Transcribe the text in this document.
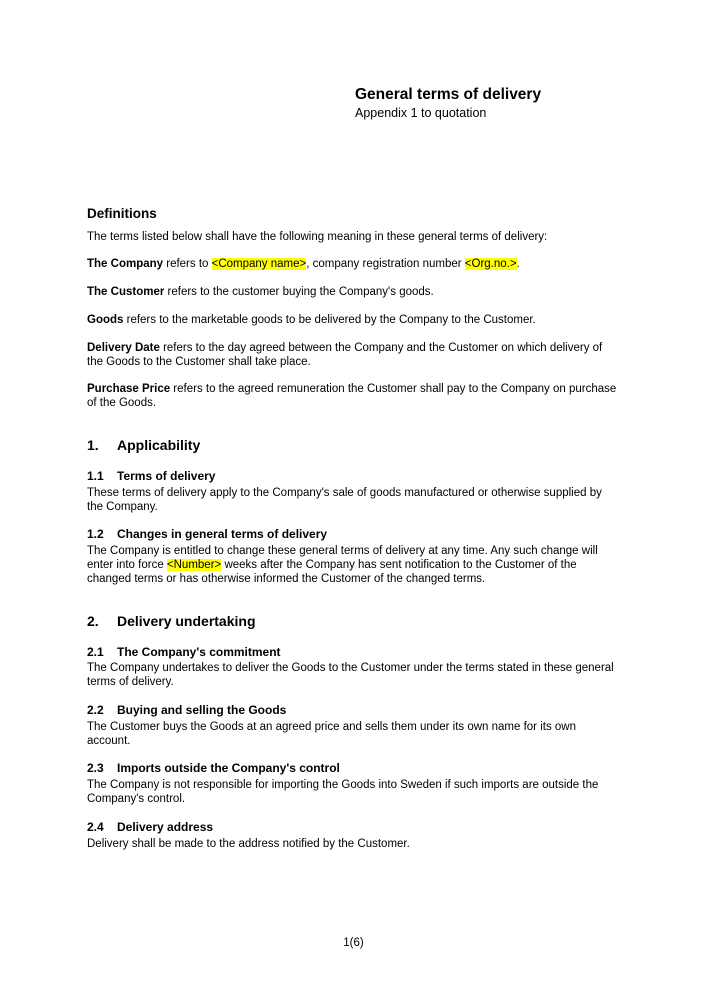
General terms of delivery
Appendix 1 to quotation
Definitions

The terms listed below shall have the following meaning in these general terms of delivery:

The Company refers to <Company name>, company registration number <Org.no.>.

The Customer refers to the customer buying the Company's goods.

Goods refers to the marketable goods to be delivered by the Company to the Customer.

Delivery Date refers to the day agreed between the Company and the Customer on which delivery of the Goods to the Customer shall take place.

Purchase Price refers to the agreed remuneration the Customer shall pay to the Company on purchase of the Goods.

1.	Applicability
1.1	Terms of delivery

These terms of delivery apply to the Company's sale of goods manufactured or otherwise supplied by the Company.

1.2	Changes in general terms of delivery

The Company is entitled to change these general terms of delivery at any time. Any such change will enter into force <Number> weeks after the Company has sent notification to the Customer of the changed terms or has otherwise informed the Customer of the changed terms.

2.	Delivery undertaking
2.1	The Company's commitment

The Company undertakes to deliver the Goods to the Customer under the terms stated in these general terms of delivery.

2.2	Buying and selling the Goods

The Customer buys the Goods at an agreed price and sells them under its own name for its own account.

2.3	Imports outside the Company's control

The Company is not responsible for importing the Goods into Sweden if such imports are outside the Company's control.

2.4	Delivery address

Delivery shall be made to the address notified by the Customer.

1(6)
